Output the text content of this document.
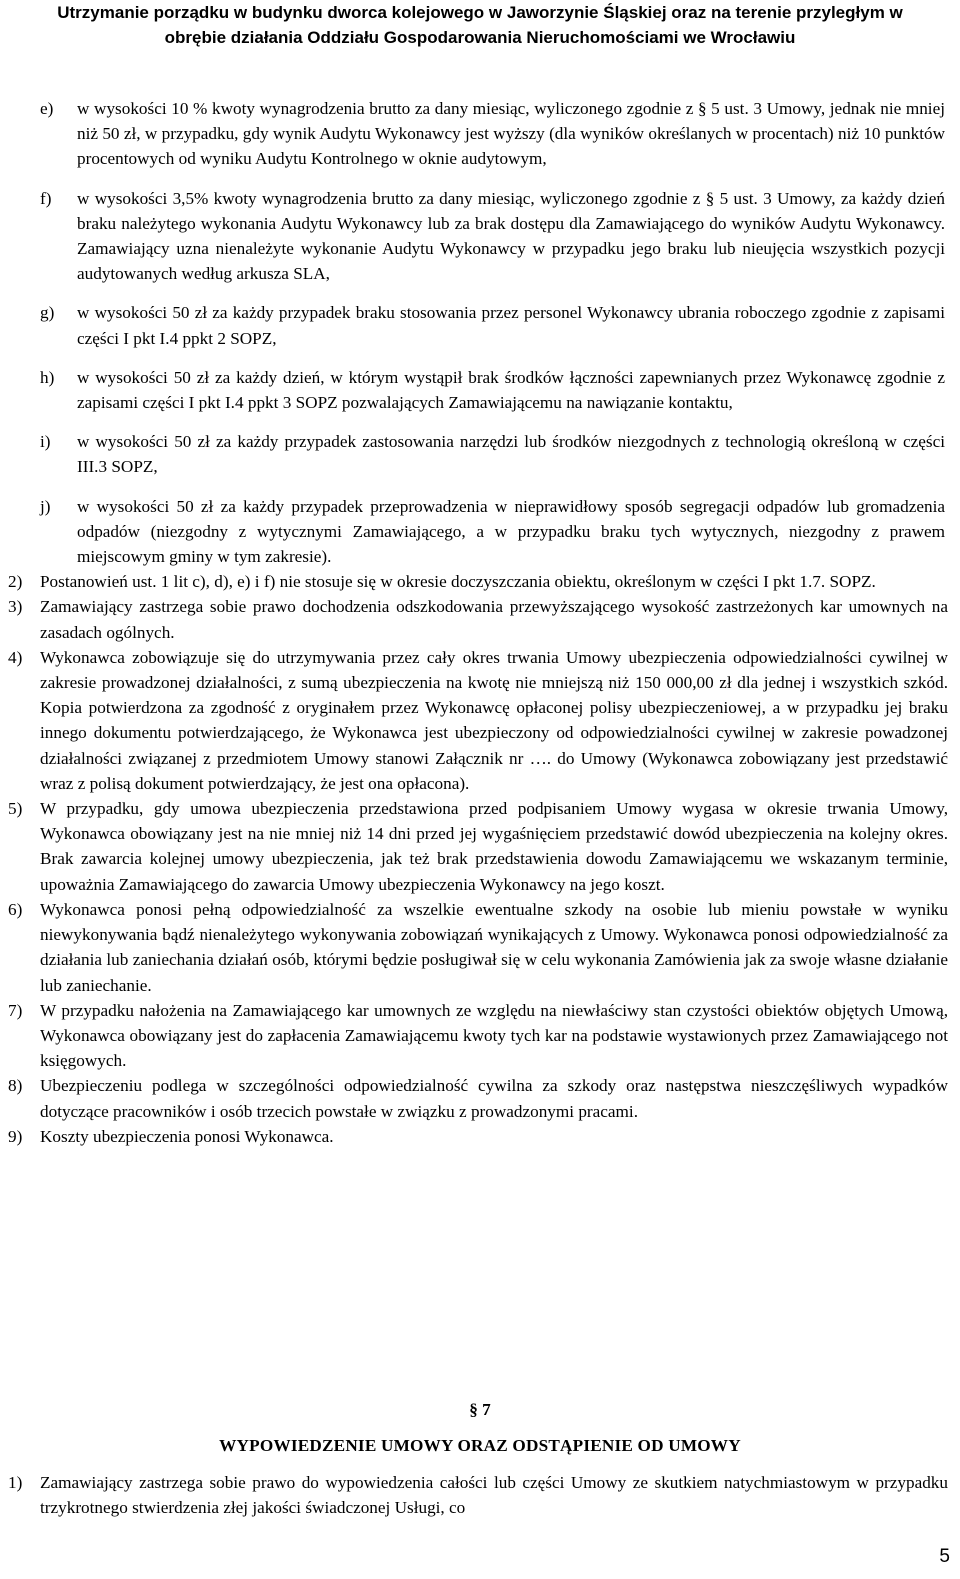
Utrzymanie porządku w budynku dworca kolejowego w Jaworzynie Śląskiej oraz na terenie przyległym w
obrębie działania Oddziału Gospodarowania Nieruchomościami we Wrocławiu
e) w wysokości 10 % kwoty wynagrodzenia brutto za dany miesiąc, wyliczonego zgodnie z § 5 ust. 3 Umowy, jednak nie mniej niż 50 zł, w przypadku, gdy wynik Audytu Wykonawcy jest wyższy (dla wyników określanych w procentach) niż 10 punktów procentowych od wyniku Audytu Kontrolnego w oknie audytowym,
f) w wysokości 3,5% kwoty wynagrodzenia brutto za dany miesiąc, wyliczonego zgodnie z § 5 ust. 3 Umowy, za każdy dzień braku należytego wykonania Audytu Wykonawcy lub za brak dostępu dla Zamawiającego do wyników Audytu Wykonawcy. Zamawiający uzna nienależyte wykonanie Audytu Wykonawcy w przypadku jego braku lub nieujęcia wszystkich pozycji audytowanych według arkusza SLA,
g) w wysokości 50 zł za każdy przypadek braku stosowania przez personel Wykonawcy ubrania roboczego zgodnie z zapisami części I pkt I.4 ppkt 2 SOPZ,
h) w wysokości 50 zł za każdy dzień, w którym wystąpił brak środków łączności zapewnianych przez Wykonawcę zgodnie z zapisami części I pkt I.4 ppkt 3 SOPZ pozwalających Zamawiającemu na nawiązanie kontaktu,
i) w wysokości 50 zł za każdy przypadek zastosowania narzędzi lub środków niezgodnych z technologią określoną w części III.3 SOPZ,
j) w wysokości 50 zł za każdy przypadek przeprowadzenia w nieprawidłowy sposób segregacji odpadów lub gromadzenia odpadów (niezgodny z wytycznymi Zamawiającego, a w przypadku braku tych wytycznych, niezgodny z prawem miejscowym gminy w tym zakresie).
2) Postanowień ust. 1 lit c), d), e) i f) nie stosuje się w okresie doczyszczania obiektu, określonym w części I pkt 1.7. SOPZ.
3) Zamawiający zastrzega sobie prawo dochodzenia odszkodowania przewyższającego wysokość zastrzeżonych kar umownych na zasadach ogólnych.
4) Wykonawca zobowiązuje się do utrzymywania przez cały okres trwania Umowy ubezpieczenia odpowiedzialności cywilnej w zakresie prowadzonej działalności, z sumą ubezpieczenia na kwotę nie mniejszą niż 150 000,00 zł dla jednej i wszystkich szkód. Kopia potwierdzona za zgodność z oryginałem przez Wykonawcę opłaconej polisy ubezpieczeniowej, a w przypadku jej braku innego dokumentu potwierdzającego, że Wykonawca jest ubezpieczony od odpowiedzialności cywilnej w zakresie powadzonej działalności związanej z przedmiotem Umowy stanowi Załącznik nr …. do Umowy (Wykonawca zobowiązany jest przedstawić wraz z polisą dokument potwierdzający, że jest ona opłacona).
5) W przypadku, gdy umowa ubezpieczenia przedstawiona przed podpisaniem Umowy wygasa w okresie trwania Umowy, Wykonawca obowiązany jest na nie mniej niż 14 dni przed jej wygaśnięciem przedstawić dowód ubezpieczenia na kolejny okres. Brak zawarcia kolejnej umowy ubezpieczenia, jak też brak przedstawienia dowodu Zamawiającemu we wskazanym terminie, upoważnia Zamawiającego do zawarcia Umowy ubezpieczenia Wykonawcy na jego koszt.
6) Wykonawca ponosi pełną odpowiedzialność za wszelkie ewentualne szkody na osobie lub mieniu powstałe w wyniku niewykonywania bądź nienależytego wykonywania zobowiązań wynikających z Umowy. Wykonawca ponosi odpowiedzialność za działania lub zaniechania działań osób, którymi będzie posługiwał się w celu wykonania Zamówienia jak za swoje własne działanie lub zaniechanie.
7) W przypadku nałożenia na Zamawiającego kar umownych ze względu na niewłaściwy stan czystości obiektów objętych Umową, Wykonawca obowiązany jest do zapłacenia Zamawiającemu kwoty tych kar na podstawie wystawionych przez Zamawiającego not księgowych.
8) Ubezpieczeniu podlega w szczególności odpowiedzialność cywilna za szkody oraz następstwa nieszczęśliwych wypadków dotyczące pracowników i osób trzecich powstałe w związku z prowadzonymi pracami.
9) Koszty ubezpieczenia ponosi Wykonawca.
§ 7
WYPOWIEDZENIE UMOWY ORAZ ODSTĄPIENIE OD UMOWY
1) Zamawiający zastrzega sobie prawo do wypowiedzenia całości lub części Umowy ze skutkiem natychmiastowym w przypadku trzykrotnego stwierdzenia złej jakości świadczonej Usługi, co
5
